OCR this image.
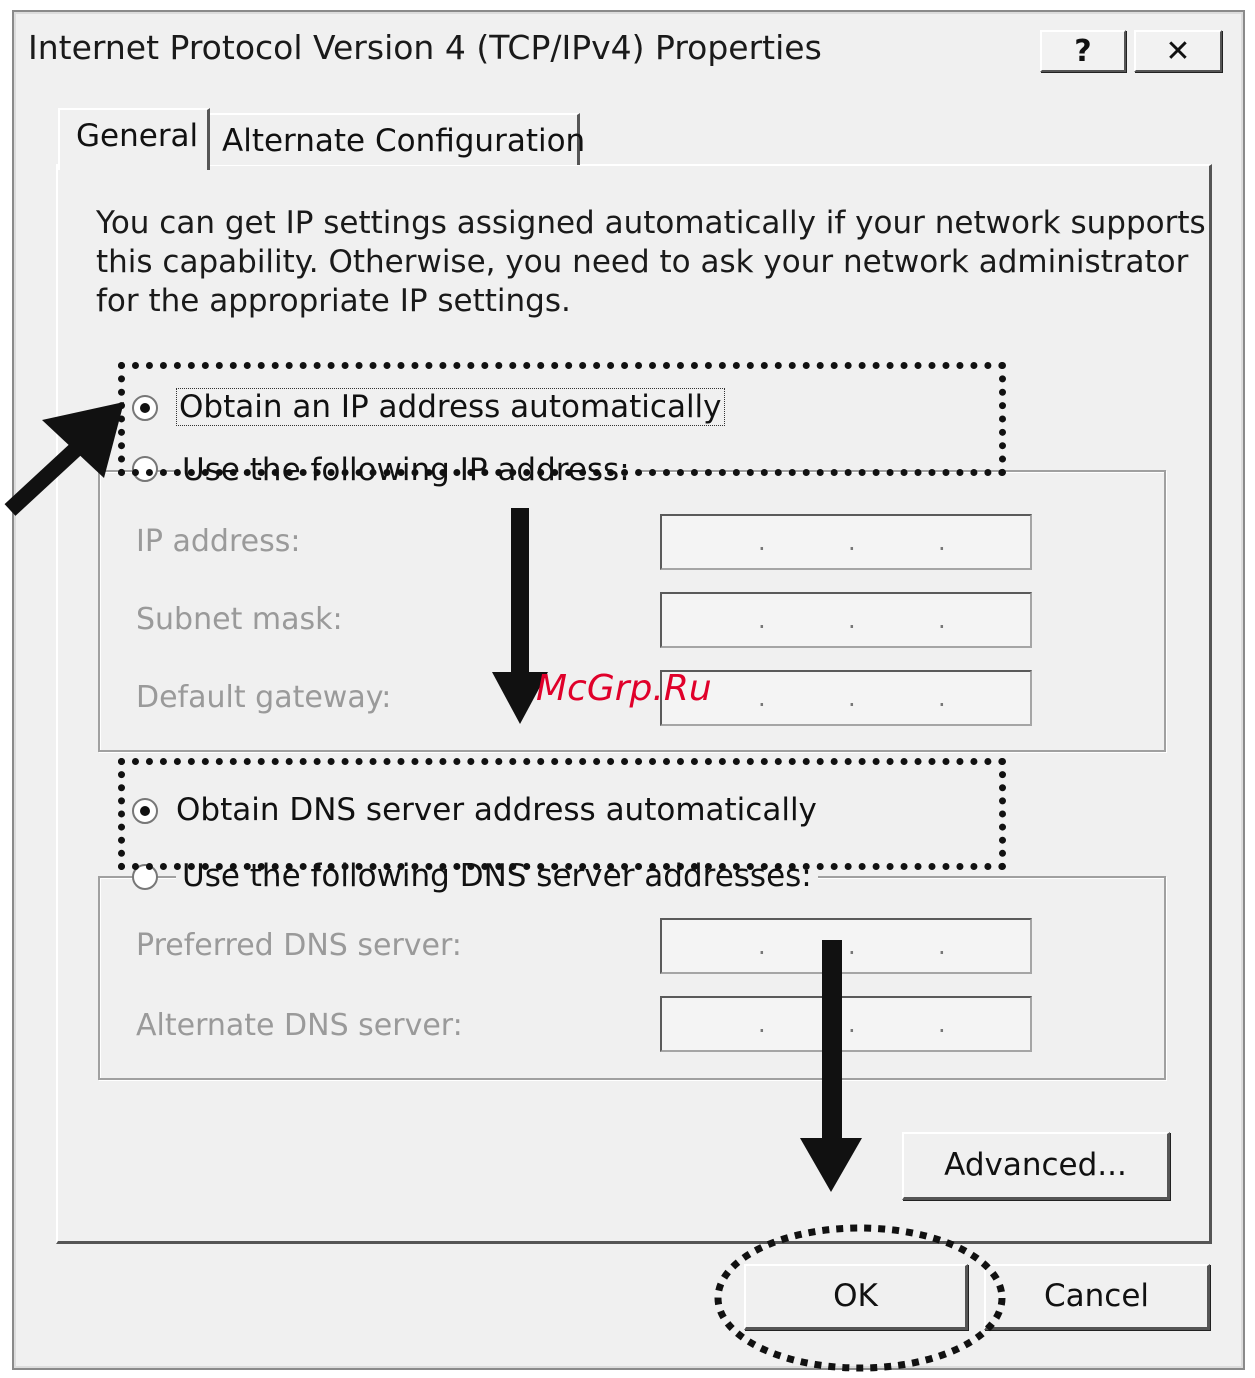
Internet Protocol Version 4 (TCP/IPv4) Properties	?	✕
General Alternate Configuration
You can get IP settings assigned automatically if your network supports
this capability. Otherwise, you need to ask your network administrator
for the appropriate IP settings.
Obtain an IP address automatically
Use the following IP address:
IP address:	.	.	.
Subnet mask:	.	.	.
Default gateway:	.	.	.
Obtain DNS server address automatically
Use the following DNS server addresses:
Preferred DNS server:	.	.	.
Alternate DNS server:	.	.	.
Advanced...
OK	Cancel
McGrp.Ru
